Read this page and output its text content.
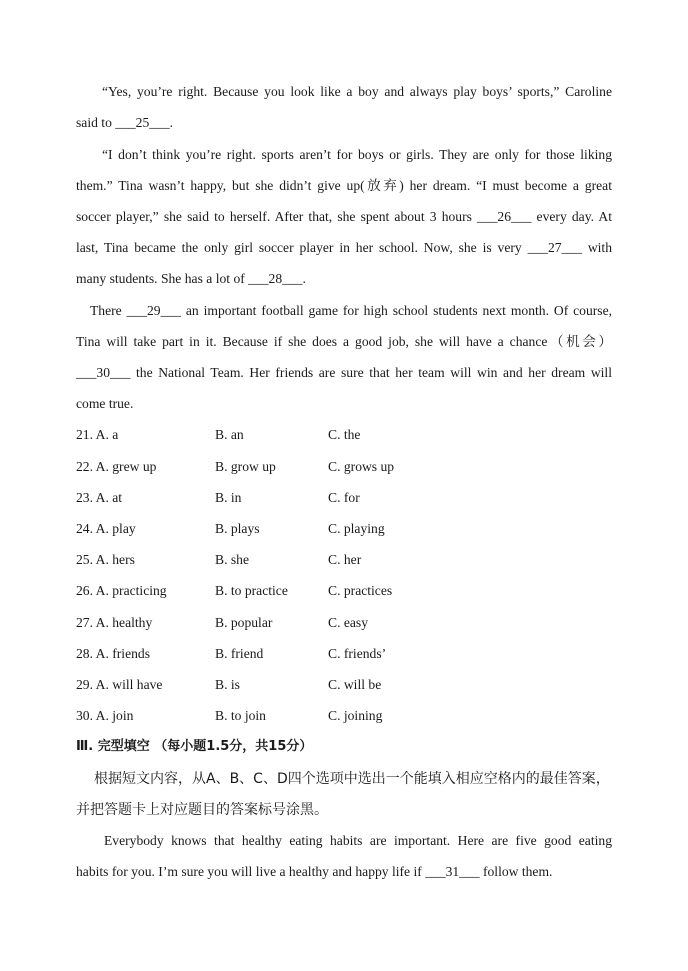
“Yes, you’re right. Because you look like a boy and always play boys’ sports,” Caroline
said to ___25___.
“I don’t think you’re right. sports aren’t for boys or girls. They are only for those liking
them.” Tina wasn’t happy, but she didn’t give up(放弃) her dream. “I must become a great
soccer player,” she said to herself. After that, she spent about 3 hours ___26___ every day. At
last, Tina became the only girl soccer player in her school. Now, she is very ___27___ with
many students. She has a lot of ___28___.
There ___29___ an important football game for high school students next month. Of course,
Tina will take part in it. Because if she does a good job, she will have a chance（机会）
___30___ the National Team. Her friends are sure that her team will win and her dream will
come true.
21. A. a	B. an	C. the
22. A. grew up	B. grow up	C. grows up
23. A. at	B. in	C. for
24. A. play	B. plays	C. playing
25. A. hers	B. she	C. her
26. A. practicing	B. to practice	C. practices
27. A. healthy	B. popular	C. easy
28. A. friends	B. friend	C. friends’
29. A. will have	B. is	C. will be
30. A. join	B. to join	C. joining
Ⅲ. 完型填空 （每小题1.5分，共15分）
根据短文内容，从A、B、C、D四个选项中选出一个能填入相应空格内的最佳答案，
并把答题卡上对应题目的答案标号涂黑。
Everybody knows that healthy eating habits are important. Here are five good eating
habits for you. I’m sure you will live a healthy and happy life if ___31___ follow them.
